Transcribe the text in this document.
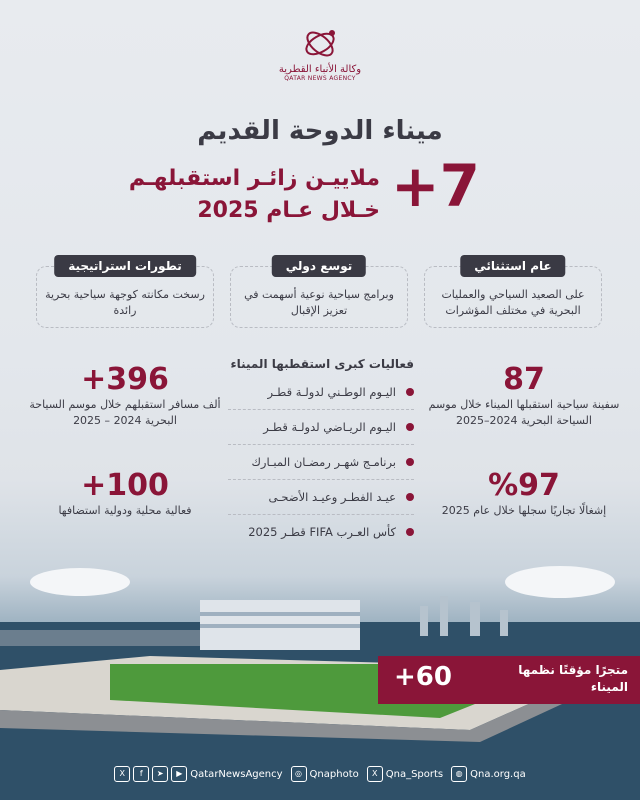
وكالة الأنباء القطرية
QATAR NEWS AGENCY
ميناء الدوحة القديم
+7
ملاييـن زائـر استقبلهـم
خـلال عـام 2025
عام استثنائي
على الصعيد السياحي والعمليات البحرية في مختلف المؤشرات
توسع دولي
وبرامج سياحية نوعية أسهمت في تعزيز الإقبال
تطورات استراتيجية
رسخت مكانته كوجهة سياحية بحرية رائدة
87
سفينة سياحية استقبلها الميناء خلال موسم السياحة البحرية 2024–2025
%97
إشغالًا تجاريًا سجلها خلال عام 2025
+396
ألف مسافر استقبلهم خلال موسم السياحة البحرية 2024 – 2025
+100
فعالية محلية ودولية استضافها
فعاليات كبرى استقطبها الميناء
اليـوم الوطـني لدولـة قطـر
اليـوم الريـاضي لدولـة قطـر
برنامـج شهـر رمضـان المبـارك
عيـد الفطـر وعيـد الأضحـى
كأس العـرب FIFA قطـر 2025
+60	متجرًا مؤقتًا نظمها الميناء
X	f	➤	▶ QatarNewsAgency	◎ Qnaphoto	X Qna_Sports	◍ Qna.org.qa
